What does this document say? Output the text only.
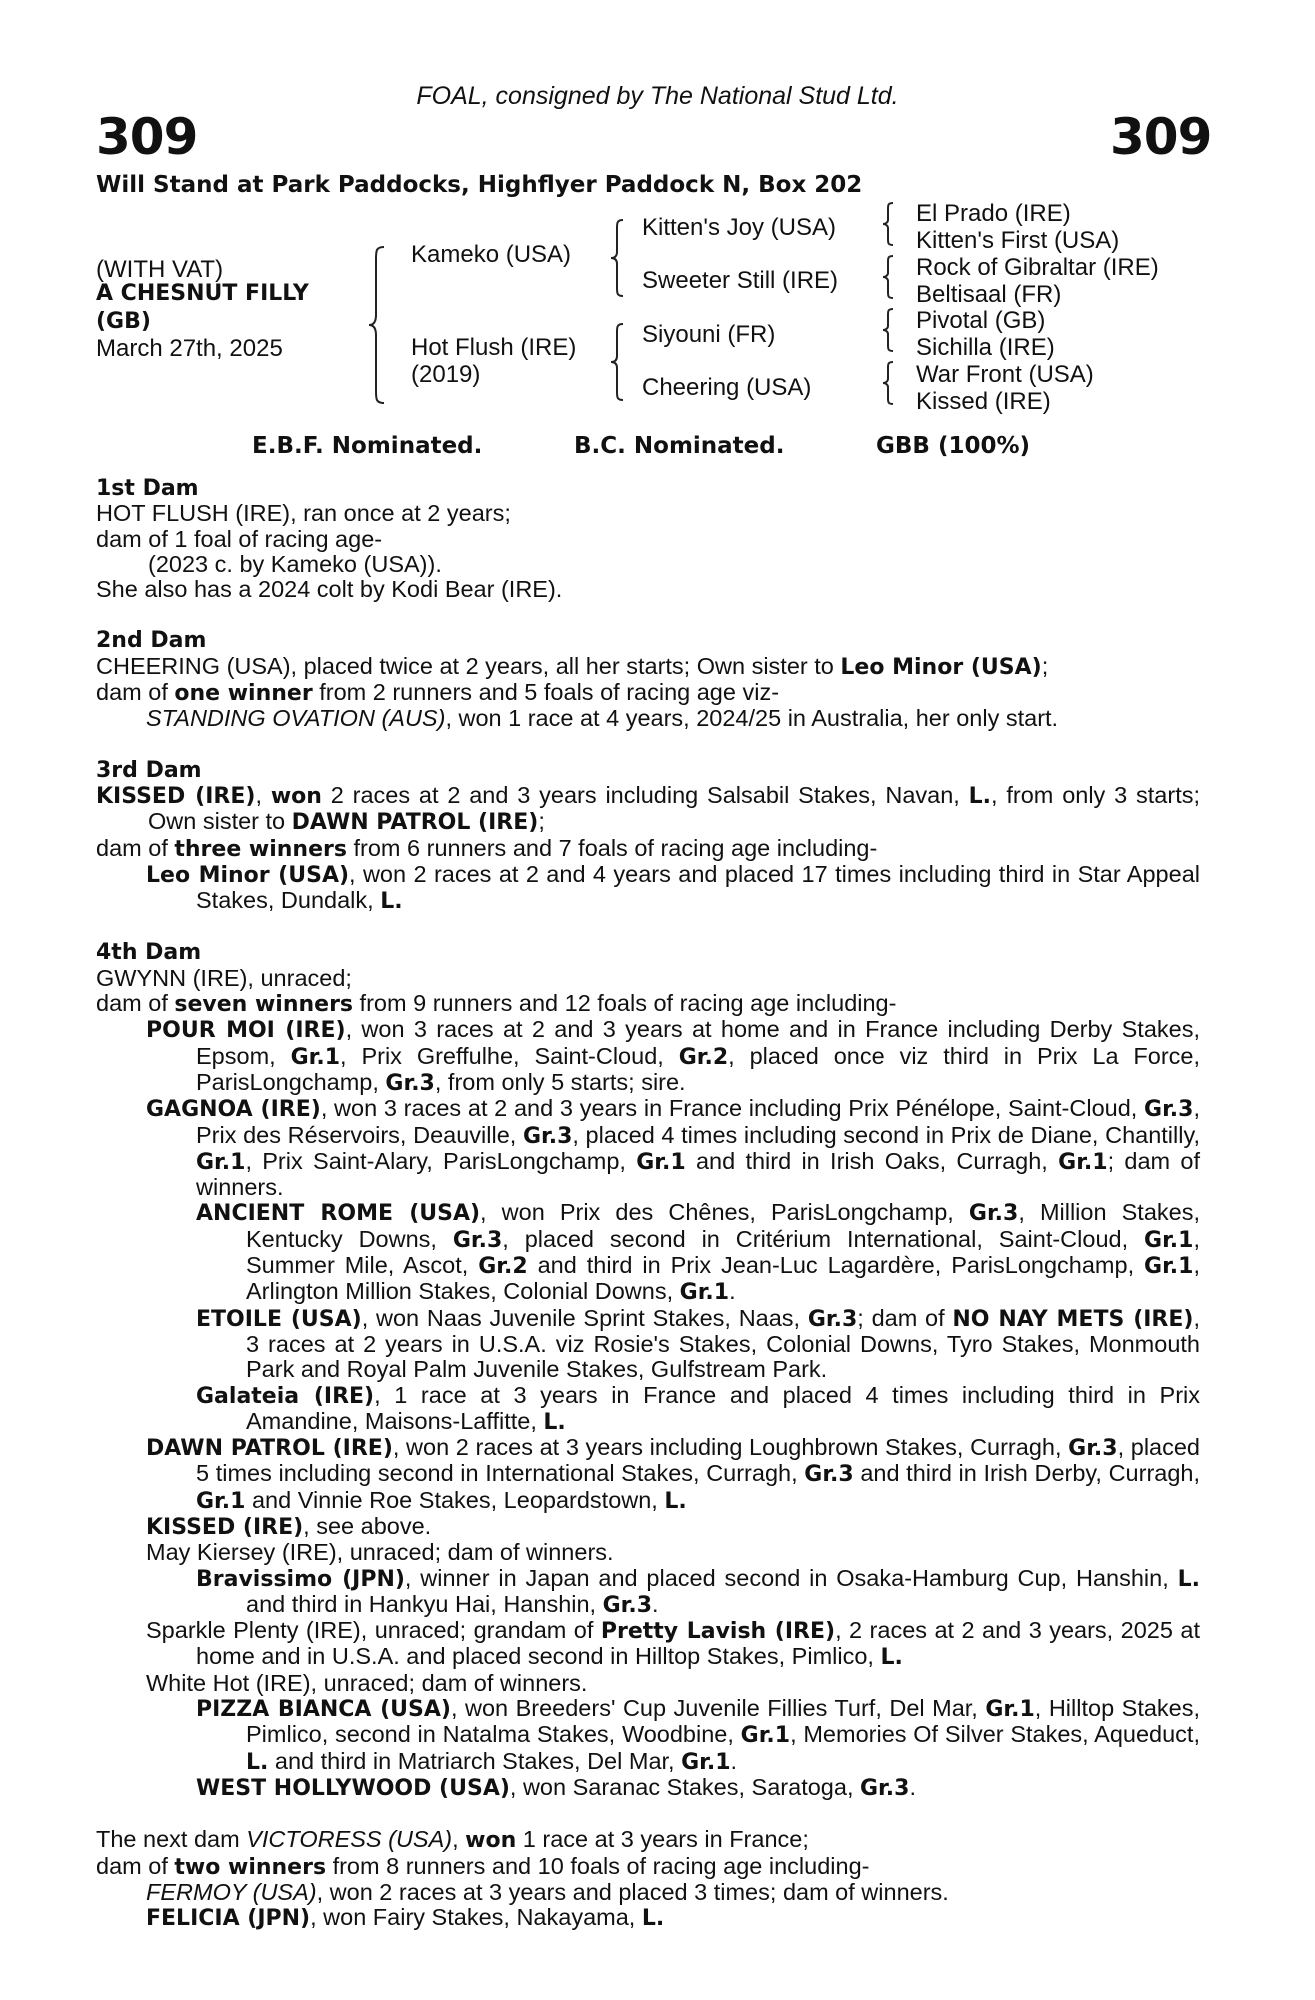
FOAL, consigned by The National Stud Ltd.
309	309
Will Stand at Park Paddocks, Highflyer Paddock N, Box 202
(WITH VAT)
A CHESNUT FILLY
(GB)
March 27th, 2025
Kameko (USA)
Hot Flush (IRE)
(2019)
Kitten's Joy (USA)
Sweeter Still (IRE)
Siyouni (FR)
Cheering (USA)
El Prado (IRE)
Kitten's First (USA)
Rock of Gibraltar (IRE)
Beltisaal (FR)
Pivotal (GB)
Sichilla (IRE)
War Front (USA)
Kissed (IRE)
E.B.F. Nominated.	B.C. Nominated.	GBB (100%)
1st Dam
HOT FLUSH (IRE), ran once at 2 years;
dam of 1 foal of racing age-
(2023 c. by Kameko (USA)).
She also has a 2024 colt by Kodi Bear (IRE).
2nd Dam
CHEERING (USA), placed twice at 2 years, all her starts; Own sister to Leo Minor (USA);
dam of one winner from 2 runners and 5 foals of racing age viz-
STANDING OVATION (AUS), won 1 race at 4 years, 2024/25 in Australia, her only start.
3rd Dam
KISSED (IRE), won 2 races at 2 and 3 years including Salsabil Stakes, Navan, L., from only 3 starts; Own sister to DAWN PATROL (IRE);
dam of three winners from 6 runners and 7 foals of racing age including-
Leo Minor (USA), won 2 races at 2 and 4 years and placed 17 times including third in Star Appeal Stakes, Dundalk, L.
4th Dam
GWYNN (IRE), unraced;
dam of seven winners from 9 runners and 12 foals of racing age including-
POUR MOI (IRE), won 3 races at 2 and 3 years at home and in France including Derby Stakes, Epsom, Gr.1, Prix Greffulhe, Saint-Cloud, Gr.2, placed once viz third in Prix La Force, ParisLongchamp, Gr.3, from only 5 starts; sire.
GAGNOA (IRE), won 3 races at 2 and 3 years in France including Prix Pénélope, Saint-Cloud, Gr.3, Prix des Réservoirs, Deauville, Gr.3, placed 4 times including second in Prix de Diane, Chantilly, Gr.1, Prix Saint-Alary, ParisLongchamp, Gr.1 and third in Irish Oaks, Curragh, Gr.1; dam of winners.
ANCIENT ROME (USA), won Prix des Chênes, ParisLongchamp, Gr.3, Million Stakes, Kentucky Downs, Gr.3, placed second in Critérium International, Saint-Cloud, Gr.1, Summer Mile, Ascot, Gr.2 and third in Prix Jean-Luc Lagardère, ParisLongchamp, Gr.1, Arlington Million Stakes, Colonial Downs, Gr.1.
ETOILE (USA), won Naas Juvenile Sprint Stakes, Naas, Gr.3; dam of NO NAY METS (IRE), 3 races at 2 years in U.S.A. viz Rosie's Stakes, Colonial Downs, Tyro Stakes, Monmouth Park and Royal Palm Juvenile Stakes, Gulfstream Park.
Galateia (IRE), 1 race at 3 years in France and placed 4 times including third in Prix Amandine, Maisons-Laffitte, L.
DAWN PATROL (IRE), won 2 races at 3 years including Loughbrown Stakes, Curragh, Gr.3, placed 5 times including second in International Stakes, Curragh, Gr.3 and third in Irish Derby, Curragh, Gr.1 and Vinnie Roe Stakes, Leopardstown, L.
KISSED (IRE), see above.
May Kiersey (IRE), unraced; dam of winners.
Bravissimo (JPN), winner in Japan and placed second in Osaka-Hamburg Cup, Hanshin, L. and third in Hankyu Hai, Hanshin, Gr.3.
Sparkle Plenty (IRE), unraced; grandam of Pretty Lavish (IRE), 2 races at 2 and 3 years, 2025 at home and in U.S.A. and placed second in Hilltop Stakes, Pimlico, L.
White Hot (IRE), unraced; dam of winners.
PIZZA BIANCA (USA), won Breeders' Cup Juvenile Fillies Turf, Del Mar, Gr.1, Hilltop Stakes, Pimlico, second in Natalma Stakes, Woodbine, Gr.1, Memories Of Silver Stakes, Aqueduct, L. and third in Matriarch Stakes, Del Mar, Gr.1.
WEST HOLLYWOOD (USA), won Saranac Stakes, Saratoga, Gr.3.
The next dam VICTORESS (USA), won 1 race at 3 years in France;
dam of two winners from 8 runners and 10 foals of racing age including-
FERMOY (USA), won 2 races at 3 years and placed 3 times; dam of winners.
FELICIA (JPN), won Fairy Stakes, Nakayama, L.
